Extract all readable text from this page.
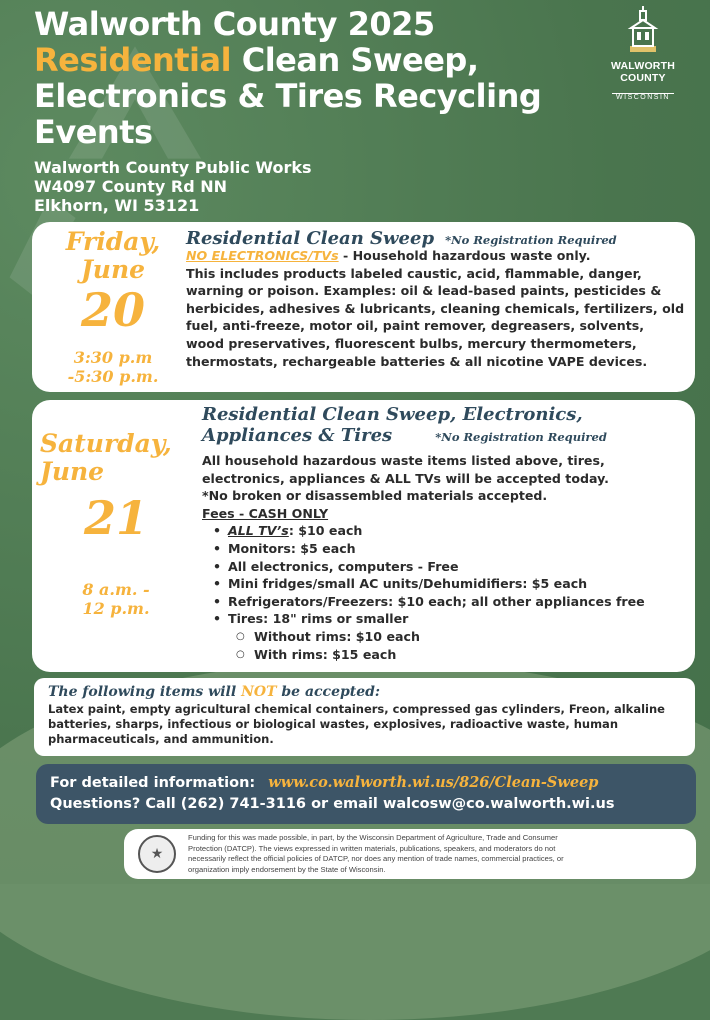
Walworth County 2025
Residential Clean Sweep,
Electronics & Tires Recycling
Events
Walworth County Public Works
W4097 County Rd NN
Elkhorn, WI 53121
WALWORTH COUNTY
WISCONSIN
Friday,
June
20
3:30 p.m
-5:30 p.m.
Residential Clean Sweep *No Registration Required
NO ELECTRONICS/TVs - Household hazardous waste only.
This includes products labeled caustic, acid, flammable, danger, warning or poison. Examples: oil & lead-based paints, pesticides & herbicides, adhesives & lubricants, cleaning chemicals, fertilizers, old fuel, anti-freeze, motor oil, paint remover, degreasers, solvents, wood preservatives, fluorescent bulbs, mercury thermometers, thermostats, rechargeable batteries & all nicotine VAPE devices.
Saturday,
June
21
8 a.m. -
12 p.m.
Residential Clean Sweep, Electronics,
Appliances & Tires	*No Registration Required
All household hazardous waste items listed above, tires, electronics, appliances & ALL TVs will be accepted today.
*No broken or disassembled materials accepted.
Fees - CASH ONLY
• ALL TV’s: $10 each
• Monitors: $5 each
• All electronics, computers - Free
• Mini fridges/small AC units/Dehumidifiers: $5 each
• Refrigerators/Freezers: $10 each; all other appliances free
• Tires: 18" rims or smaller
○ Without rims: $10 each
○ With rims: $15 each
The following items will NOT be accepted:
Latex paint, empty agricultural chemical containers, compressed gas cylinders, Freon, alkaline batteries, sharps, infectious or biological wastes, explosives, radioactive waste, human pharmaceuticals, and ammunition.
For detailed information: www.co.walworth.wi.us/826/Clean-Sweep
Questions? Call (262) 741-3116 or email walcosw@co.walworth.wi.us
★
Funding for this was made possible, in part, by the Wisconsin Department of Agriculture, Trade and Consumer Protection (DATCP). The views expressed in written materials, publications, speakers, and moderators do not necessarily reflect the official policies of DATCP, nor does any mention of trade names, commercial practices, or organization imply endorsement by the State of Wisconsin.
